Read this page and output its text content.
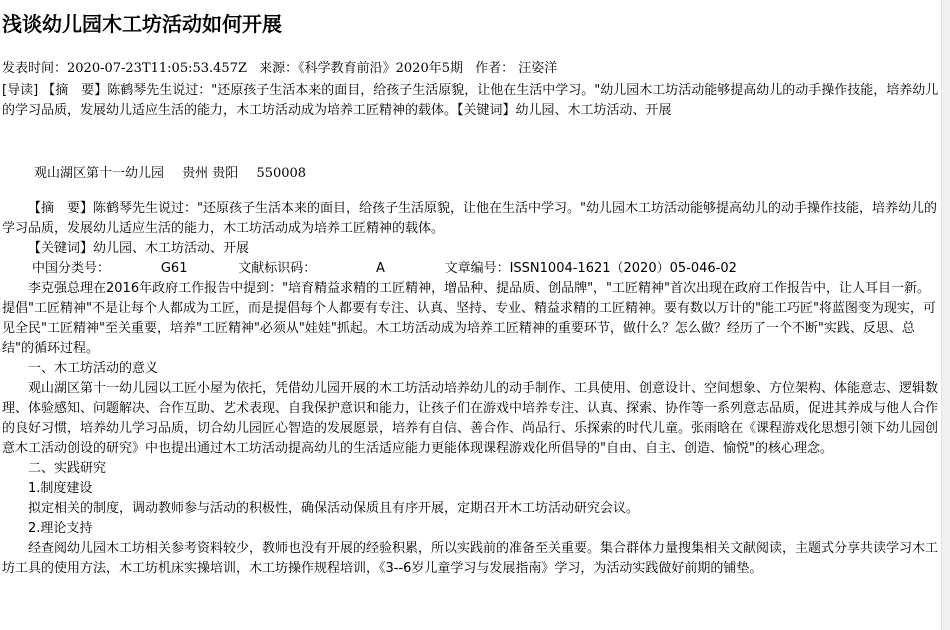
浅谈幼儿园木工坊活动如何开展
发表时间：2020-07-23T11:05:53.457Z 来源：《科学教育前沿》2020年5期 作者： 汪姿洋
[导读] 【摘　要】陈鹤琴先生说过："还原孩子生活本来的面目，给孩子生活原貌，让他在生活中学习。"幼儿园木工坊活动能够提高幼儿的动手操作技能，培养幼儿的学习品质，发展幼儿适应生活的能力，木工坊活动成为培养工匠精神的载体。【关键词】幼儿园、木工坊活动、开展
观山湖区第十一幼儿园 贵州 贵阳 550008

【摘　要】陈鹤琴先生说过："还原孩子生活本来的面目，给孩子生活原貌，让他在生活中学习。"幼儿园木工坊活动能够提高幼儿的动手操作技能，培养幼儿的学习品质，发展幼儿适应生活的能力，木工坊活动成为培养工匠精神的载体。

【关键词】幼儿园、木工坊活动、开展

中国分类号：	G61	文献标识码：	A	文章编号：ISSN1004-1621（2020）05-046-02

李克强总理在2016年政府工作报告中提到："培育精益求精的工匠精神，增品种、提品质、创品牌"，"工匠精神"首次出现在政府工作报告中，让人耳目一新。提倡"工匠精神"不是让每个人都成为工匠，而是提倡每个人都要有专注、认真、坚持、专业、精益求精的工匠精神。要有数以万计的"能工巧匠"将蓝图变为现实，可见全民"工匠精神"至关重要，培养"工匠精神"必须从"娃娃"抓起。木工坊活动成为培养工匠精神的重要环节，做什么？怎么做？经历了一个不断"实践、反思、总结"的循环过程。

一、木工坊活动的意义

观山湖区第十一幼儿园以工匠小屋为依托，凭借幼儿园开展的木工坊活动培养幼儿的动手制作、工具使用、创意设计、空间想象、方位架构、体能意志、逻辑数理、体验感知、问题解决、合作互助、艺术表现、自我保护意识和能力，让孩子们在游戏中培养专注、认真、探索、协作等一系列意志品质，促进其养成与他人合作的良好习惯，培养幼儿学习品质，切合幼儿园匠心智造的发展愿景，培养有自信、善合作、尚品行、乐探索的时代儿童。张雨晗在《课程游戏化思想引领下幼儿园创意木工活动创设的研究》中也提出通过木工坊活动提高幼儿的生活适应能力更能体现课程游戏化所倡导的"自由、自主、创造、愉悦"的核心理念。

二、实践研究

1.制度建设

拟定相关的制度，调动教师参与活动的积极性，确保活动保质且有序开展，定期召开木工坊活动研究会议。

2.理论支持

经查阅幼儿园木工坊相关参考资料较少，教师也没有开展的经验积累，所以实践前的准备至关重要。集合群体力量搜集相关文献阅读，主题式分享共读学习木工坊工具的使用方法，木工坊机床实操培训，木工坊操作规程培训，《3--6岁儿童学习与发展指南》学习，为活动实践做好前期的铺垫。
